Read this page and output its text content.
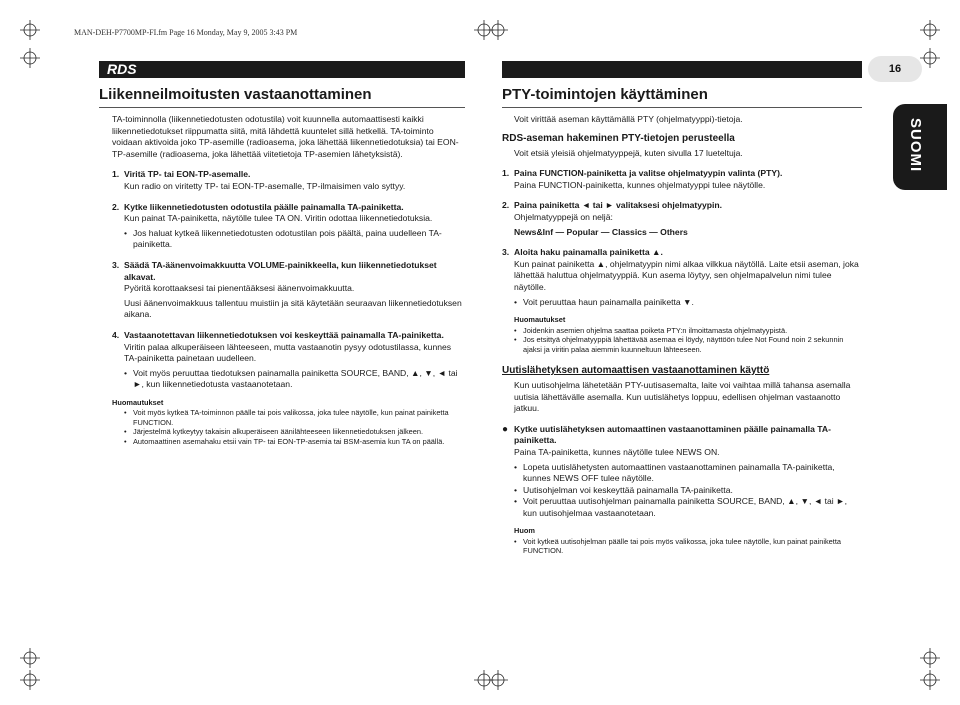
MAN-DEH-P7700MP-FI.fm Page 16 Monday, May 9, 2005 3:43 PM
RDS	16
SUOMI
Liikenneilmoitusten vastaanottaminen

TA-toiminnolla (liikennetiedotusten odotustila) voit kuunnella automaattisesti kaikki liikennetiedotukset riippumatta siitä, mitä lähdettä kuuntelet sillä hetkellä. TA-toiminto voidaan aktivoida joko TP-asemille (radioasema, joka lähettää liikennetiedotuksia) tai EON-TP-asemille (radioasema, joka lähettää viitetietoja TP-asemien lähetyksistä).

1. Viritä TP- tai EON-TP-asemalle.

Kun radio on viritetty TP- tai EON-TP-asemalle, TP-ilmaisimen valo syttyy.

2. Kytke liikennetiedotusten odotustila päälle painamalla TA-painiketta.

Kun painat TA-painiketta, näytölle tulee TA ON. Viritin odottaa liikennetiedotuksia.

• Jos haluat kytkeä liikennetiedotusten odotustilan pois päältä, paina uudelleen TA-painiketta.
3. Säädä TA-äänenvoimakkuutta VOLUME-painikkeella, kun liikennetiedotukset alkavat.

Pyöritä korottaaksesi tai pienentääksesi äänenvoimakkuutta.

Uusi äänenvoimakkuus tallentuu muistiin ja sitä käytetään seuraavan liikennetiedotuksen aikana.

4. Vastaanotettavan liikennetiedotuksen voi keskeyttää painamalla TA-painiketta.

Viritin palaa alkuperäiseen lähteeseen, mutta vastaanotin pysyy odotustilassa, kunnes TA-painiketta painetaan uudelleen.

• Voit myös peruuttaa tiedotuksen painamalla painiketta SOURCE, BAND, ▲, ▼, ◄ tai ►, kun liikennetiedotusta vastaanotetaan.
Huomautukset
• Voit myös kytkeä TA-toiminnon päälle tai pois valikossa, joka tulee näytölle, kun painat painiketta FUNCTION.
• Järjestelmä kytkeytyy takaisin alkuperäiseen äänilähteeseen liikennetiedotuksen jälkeen.
• Automaattinen asemahaku etsii vain TP- tai EON-TP-asemia tai BSM-asemia kun TA on päällä.
PTY-toimintojen käyttäminen

Voit virittää aseman käyttämällä PTY (ohjelmatyyppi)-tietoja.

RDS-aseman hakeminen PTY-tietojen perusteella

Voit etsiä yleisiä ohjelmatyyppejä, kuten sivulla 17 lueteltuja.

1. Paina FUNCTION-painiketta ja valitse ohjelmatyypin valinta (PTY).

Paina FUNCTION-painiketta, kunnes ohjelmatyyppi tulee näytölle.

2. Paina painiketta ◄ tai ► valitaksesi ohjelmatyypin.

Ohjelmatyyppejä on neljä:

News&Inf — Popular — Classics — Others

3. Aloita haku painamalla painiketta ▲.

Kun painat painiketta ▲, ohjelmatyypin nimi alkaa vilkkua näytöllä. Laite etsii aseman, joka lähettää haluttua ohjelmatyyppiä. Kun asema löytyy, sen ohjelmapalvelun nimi tulee näytölle.

• Voit peruuttaa haun painamalla painiketta ▼.
Huomautukset
• Joidenkin asemien ohjelma saattaa poiketa PTY:n ilmoittamasta ohjelmatyypistä.
• Jos etsittyä ohjelmatyyppiä lähettävää asemaa ei löydy, näyttöön tulee Not Found noin 2 sekunnin ajaksi ja viritin palaa aiemmin kuunneltuun lähteeseen.
Uutislähetyksen automaattisen vastaanottaminen käyttö

Kun uutisohjelma lähetetään PTY-uutisasemalta, laite voi vaihtaa millä tahansa asemalla uutisia lähettävälle asemalla. Kun uutislähetys loppuu, edellisen ohjelman vastaanotto jatkuu.

● Kytke uutislähetyksen automaattinen vastaanottaminen päälle painamalla TA-painiketta.

Paina TA-painiketta, kunnes näytölle tulee NEWS ON.

• Lopeta uutislähetysten automaattinen vastaanottaminen painamalla TA-painiketta, kunnes NEWS OFF tulee näytölle.
• Uutisohjelman voi keskeyttää painamalla TA-painiketta.
• Voit peruuttaa uutisohjelman painamalla painiketta SOURCE, BAND, ▲, ▼, ◄ tai ►, kun uutisohjelmaa vastaanotetaan.
Huom
• Voit kytkeä uutisohjelman päälle tai pois myös valikossa, joka tulee näytölle, kun painat painiketta FUNCTION.
